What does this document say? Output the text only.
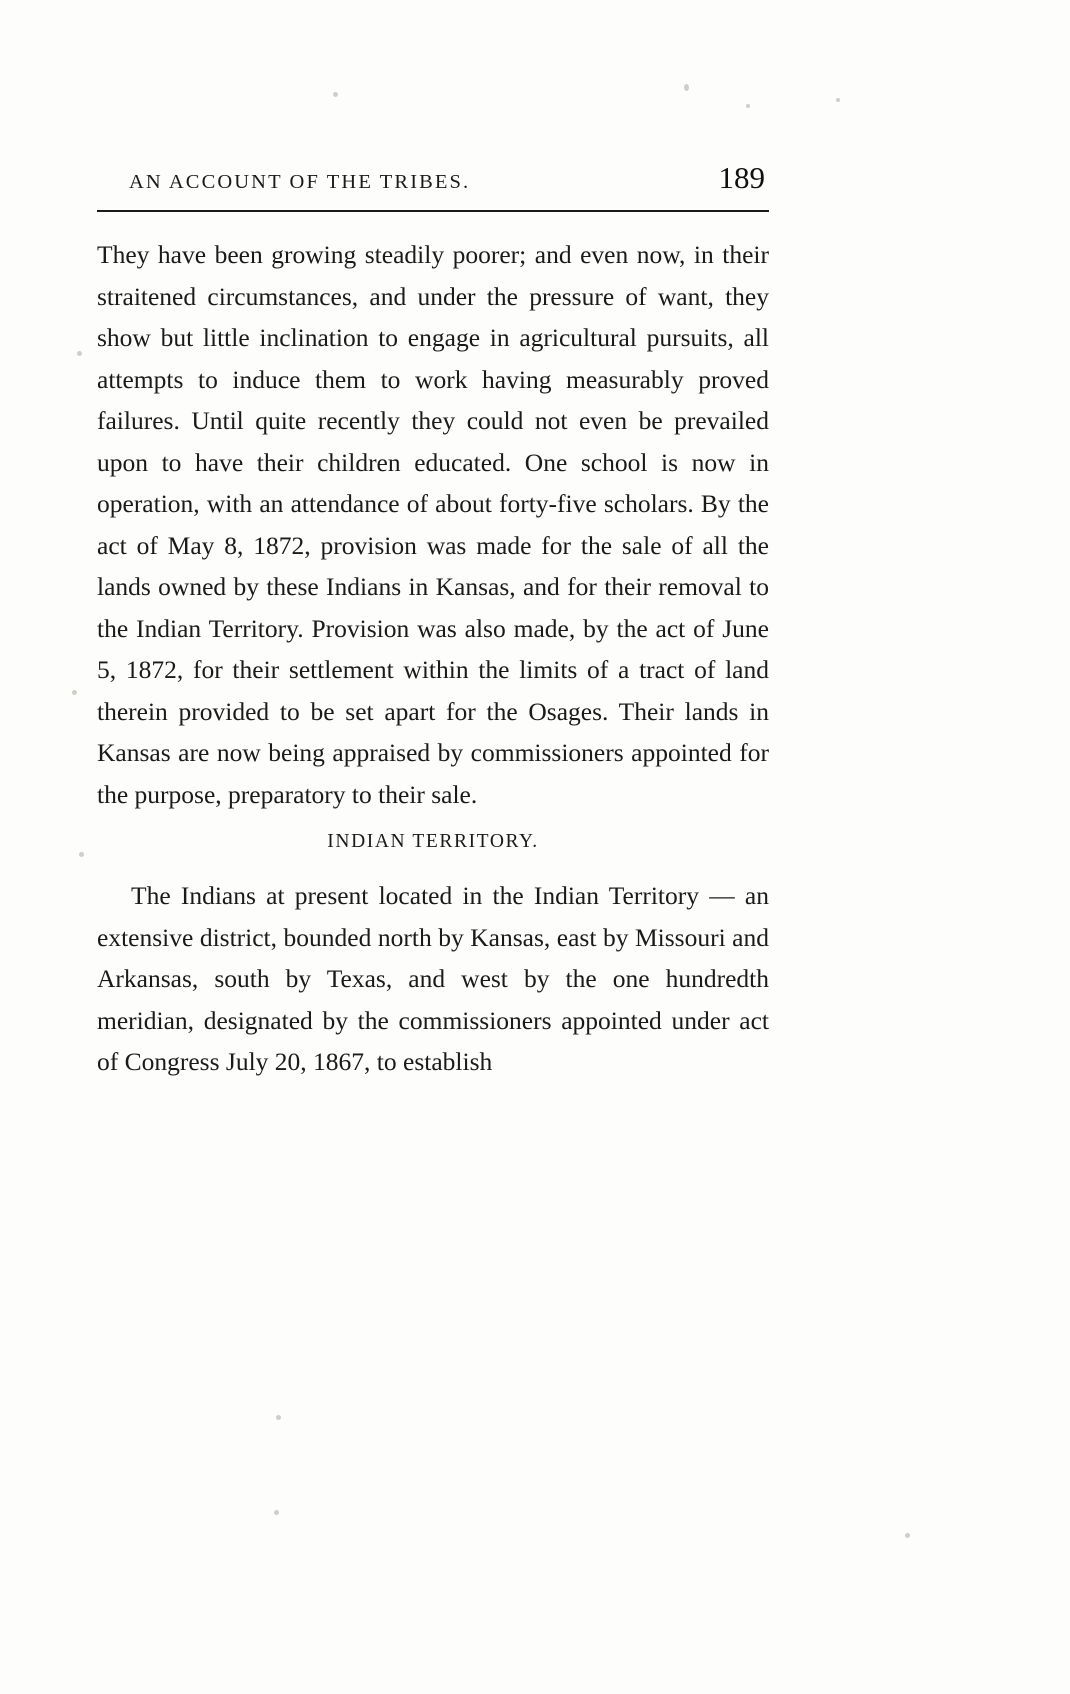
AN ACCOUNT OF THE TRIBES.	189

They have been growing steadily poorer; and even now, in their straitened circumstances, and under the pressure of want, they show but little inclination to engage in agricultural pursuits, all attempts to induce them to work having measurably proved failures. Until quite recently they could not even be prevailed upon to have their children educated. One school is now in operation, with an attendance of about forty-five scholars. By the act of May 8, 1872, provision was made for the sale of all the lands owned by these Indians in Kansas, and for their removal to the Indian Territory. Provision was also made, by the act of June 5, 1872, for their settlement within the limits of a tract of land therein provided to be set apart for the Osages. Their lands in Kansas are now being appraised by commissioners appointed for the purpose, preparatory to their sale.

INDIAN TERRITORY.

The Indians at present located in the Indian Territory — an extensive district, bounded north by Kansas, east by Missouri and Arkansas, south by Texas, and west by the one hundredth meridian, designated by the commissioners appointed under act of Congress July 20, 1867, to establish
